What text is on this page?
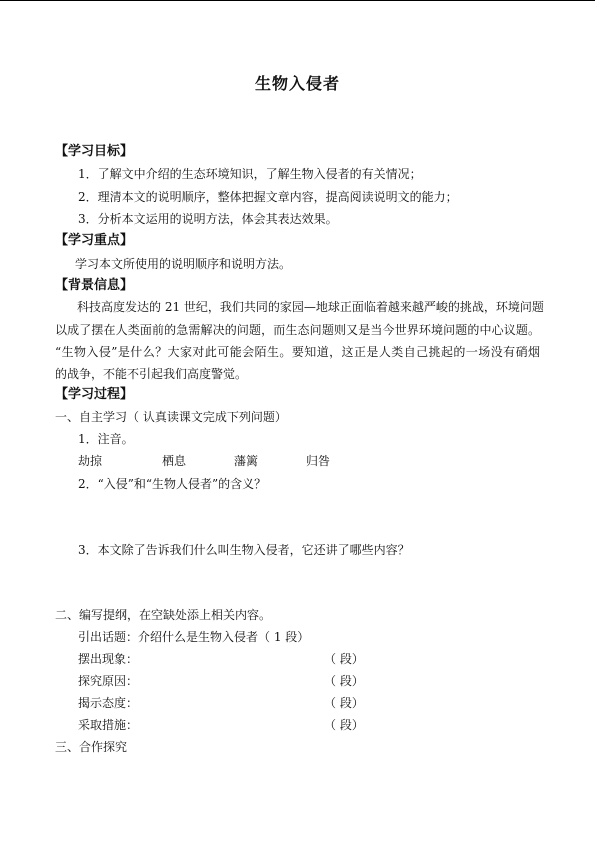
生物入侵者
【学习目标】
1．了解文中介绍的生态环境知识，了解生物入侵者的有关情况；
2．理清本文的说明顺序，整体把握文章内容，提高阅读说明文的能力；
3．分析本文运用的说明方法，体会其表达效果。
【学习重点】
学习本文所使用的说明顺序和说明方法。
【背景信息】
科技高度发达的 21 世纪，我们共同的家园—地球正面临着越来越严峻的挑战，环境问题
以成了摆在人类面前的急需解决的问题，而生态问题则又是当今世界环境问题的中心议题。
“生物入侵”是什么？大家对此可能会陌生。要知道，这正是人类自己挑起的一场没有硝烟
的战争，不能不引起我们高度警觉。
【学习过程】
一、自主学习（ 认真读课文完成下列问题）
1．注音。
劫掠	栖息	藩篱	归咎
2．“入侵”和“生物人侵者”的含义？
3．本文除了告诉我们什么叫生物入侵者，它还讲了哪些内容？
二、编写提纲，在空缺处添上相关内容。
引出话题：介绍什么是生物入侵者（ 1 段）
摆出现象：	（ 段）
探究原因：	（ 段）
揭示态度：	（ 段）
采取措施：	（ 段）
三、合作探究
